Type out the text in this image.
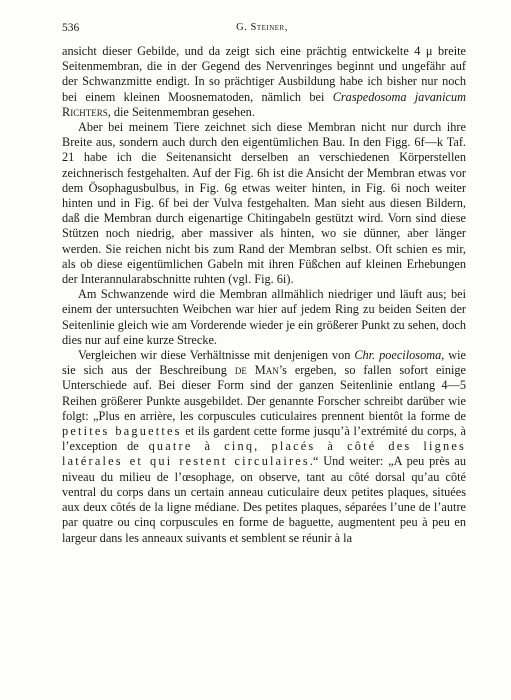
536	G. Steiner,

ansicht dieser Gebilde, und da zeigt sich eine prächtig entwickelte 4 μ breite Seitenmembran, die in der Gegend des Nervenringes beginnt und ungefähr auf der Schwanzmitte endigt. In so prächtiger Ausbildung habe ich bisher nur noch bei einem kleinen Moosnematoden, nämlich bei Craspedosoma javanicum Richters, die Seitenmembran gesehen.

Aber bei meinem Tiere zeichnet sich diese Membran nicht nur durch ihre Breite aus, sondern auch durch den eigentümlichen Bau. In den Figg. 6f—k Taf. 21 habe ich die Seitenansicht derselben an verschiedenen Körperstellen zeichnerisch festgehalten. Auf der Fig. 6h ist die Ansicht der Membran etwas vor dem Ösophagusbulbus, in Fig. 6g etwas weiter hinten, in Fig. 6i noch weiter hinten und in Fig. 6f bei der Vulva festgehalten. Man sieht aus diesen Bildern, daß die Membran durch eigenartige Chitingabeln gestützt wird. Vorn sind diese Stützen noch niedrig, aber massiver als hinten, wo sie dünner, aber länger werden. Sie reichen nicht bis zum Rand der Membran selbst. Oft schien es mir, als ob diese eigentümlichen Gabeln mit ihren Füßchen auf kleinen Erhebungen der Interannularabschnitte ruhten (vgl. Fig. 6i).

Am Schwanzende wird die Membran allmählich niedriger und läuft aus; bei einem der untersuchten Weibchen war hier auf jedem Ring zu beiden Seiten der Seitenlinie gleich wie am Vorderende wieder je ein größerer Punkt zu sehen, doch dies nur auf eine kurze Strecke.

Vergleichen wir diese Verhältnisse mit denjenigen von Chr. poecilosoma, wie sie sich aus der Beschreibung de Man’s ergeben, so fallen sofort einige Unterschiede auf. Bei dieser Form sind der ganzen Seitenlinie entlang 4—5 Reihen größerer Punkte ausgebildet. Der genannte Forscher schreibt darüber wie folgt: „Plus en arrière, les corpuscules cuticulaires prennent bientôt la forme de petites baguettes et ils gardent cette forme jusqu’à l’extrémité du corps, à l’exception de quatre à cinq, placés à côté des lignes latérales et qui restent circulaires.“ Und weiter: „A peu près au niveau du milieu de l’œsophage, on observe, tant au côté dorsal qu’au côté ventral du corps dans un certain anneau cuticulaire deux petites plaques, situées aux deux côtés de la ligne médiane. Des petites plaques, séparées l’une de l’autre par quatre ou cinq corpuscules en forme de baguette, augmentent peu à peu en largeur dans les anneaux suivants et semblent se réunir à la
